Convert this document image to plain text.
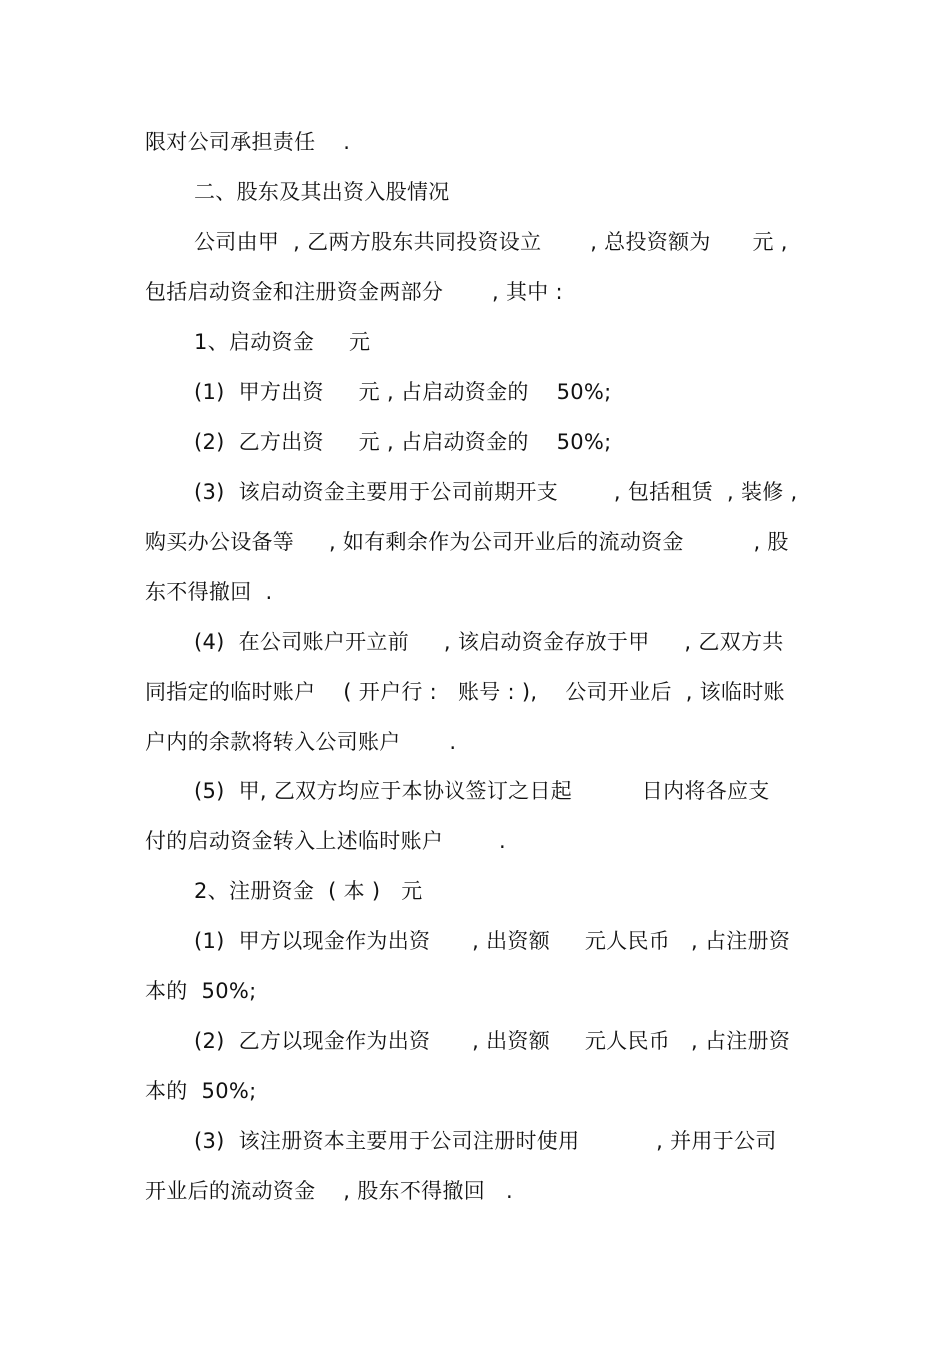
限对公司承担责任    .
二、股东及其出资入股情况
公司由甲  , 乙两方股东共同投资设立       , 总投资额为      元 ,
包括启动资金和注册资金两部分       , 其中 :
1、启动资金     元
(1)  甲方出资     元 , 占启动资金的    50%;
(2)  乙方出资     元 , 占启动资金的    50%;
(3)  该启动资金主要用于公司前期开支        , 包括租赁  , 装修 ,
购买办公设备等     , 如有剩余作为公司开业后的流动资金          , 股
东不得撤回  .
(4)  在公司账户开立前     , 该启动资金存放于甲     , 乙双方共
同指定的临时账户    ( 开户行 :   账号 : ),    公司开业后  , 该临时账
户内的余款将转入公司账户       .
(5)  甲, 乙双方均应于本协议签订之日起          日内将各应支
付的启动资金转入上述临时账户        .
2、注册资金  ( 本 )   元
(1)  甲方以现金作为出资      , 出资额     元人民币   , 占注册资
本的  50%;
(2)  乙方以现金作为出资      , 出资额     元人民币   , 占注册资
本的  50%;
(3)  该注册资本主要用于公司注册时使用           , 并用于公司
开业后的流动资金    , 股东不得撤回   .
